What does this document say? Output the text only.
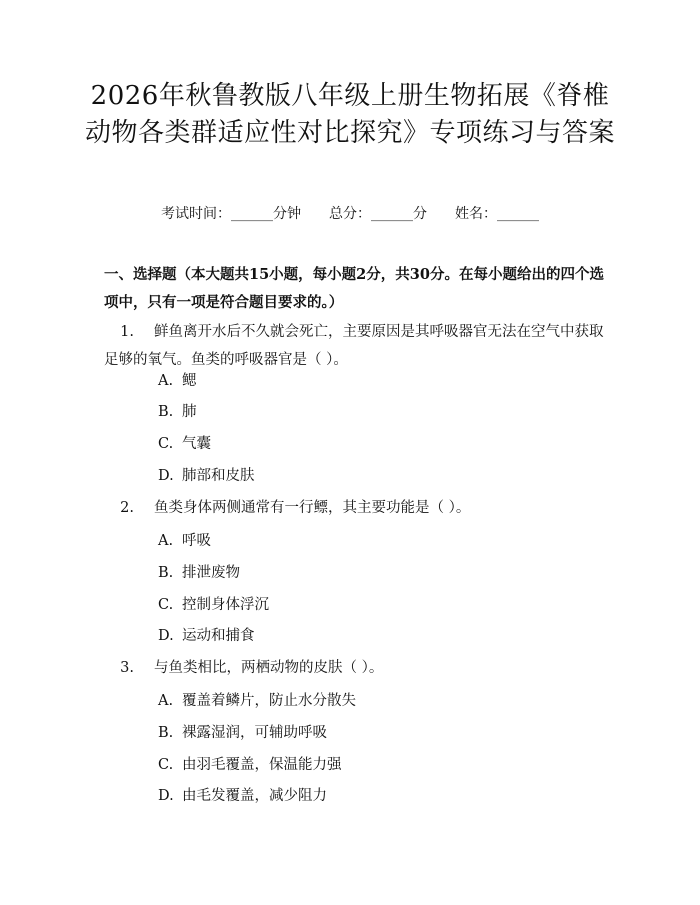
2026年秋鲁教版八年级上册生物拓展《脊椎动物各类群适应性对比探究》专项练习与答案
考试时间：______分钟 总分：______分 姓名：______

一、选择题（本大题共15小题，每小题2分，共30分。在每小题给出的四个选项中，只有一项是符合题目要求的。）

1. 鲜鱼离开水后不久就会死亡，主要原因是其呼吸器官无法在空气中获取足够的氧气。鱼类的呼吸器官是（ ）。
A. 鳃
B. 肺
C. 气囊
D. 肺部和皮肤
2. 鱼类身体两侧通常有一行鳔，其主要功能是（ ）。
A. 呼吸
B. 排泄废物
C. 控制身体浮沉
D. 运动和捕食
3. 与鱼类相比，两栖动物的皮肤（ ）。
A. 覆盖着鳞片，防止水分散失
B. 裸露湿润，可辅助呼吸
C. 由羽毛覆盖，保温能力强
D. 由毛发覆盖，减少阻力
